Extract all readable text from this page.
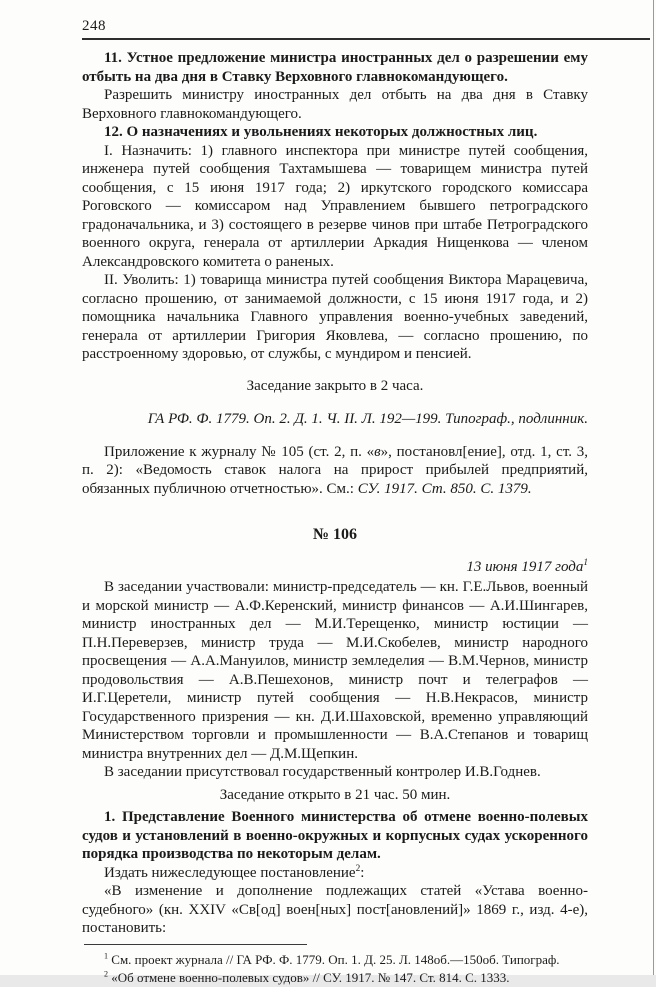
248

11. Устное предложение министра иностранных дел о разрешении ему отбыть на два дня в Ставку Верховного главнокомандующего.

Разрешить министру иностранных дел отбыть на два дня в Ставку Верховного главнокомандующего.

12. О назначениях и увольнениях некоторых должностных лиц.

I. Назначить: 1) главного инспектора при министре путей сообщения, инженера путей сообщения Тахтамышева — товарищем министра путей сообщения, с 15 июня 1917 года; 2) иркутского городского комиссара Роговского — комиссаром над Управлением бывшего петроградского градоначальника, и 3) состоящего в резерве чинов при штабе Петроградского военного округа, генерала от артиллерии Аркадия Нищенкова — членом Александровского комитета о раненых.

II. Уволить: 1) товарища министра путей сообщения Виктора Марацевича, согласно прошению, от занимаемой должности, с 15 июня 1917 года, и 2) помощника начальника Главного управления военно-учебных заведений, генерала от артиллерии Григория Яковлева, — согласно прошению, по расстроенному здоровью, от службы, с мундиром и пенсией.

Заседание закрыто в 2 часа.

ГА РФ. Ф. 1779. Оп. 2. Д. 1. Ч. II. Л. 192—199. Типограф., подлинник.

Приложение к журналу № 105 (ст. 2, п. «в», постановл[ение], отд. 1, ст. 3, п. 2): «Ведомость ставок налога на прирост прибылей предприятий, обязанных публичною отчетностью». См.: СУ. 1917. Ст. 850. С. 1379.

№ 106

13 июня 1917 года$^1$

В заседании участвовали: министр-председатель — кн. Г.Е.Львов, военный и морской министр — А.Ф.Керенский, министр финансов — А.И.Шингарев, министр иностранных дел — М.И.Терещенко, министр юстиции — П.Н.Переверзев, министр труда — М.И.Скобелев, министр народного просвещения — А.А.Мануилов, министр земледелия — В.М.Чернов, министр продовольствия — А.В.Пешехонов, министр почт и телеграфов — И.Г.Церетели, министр путей сообщения — Н.В.Некрасов, министр Государственного призрения — кн. Д.И.Шаховской, временно управляющий Министерством торговли и промышленности — В.А.Степанов и товарищ министра внутренних дел — Д.М.Щепкин.

В заседании присутствовал государственный контролер И.В.Годнев.

Заседание открыто в 21 час. 50 мин.

1. Представление Военного министерства об отмене военно-полевых судов и установлений в военно-окружных и корпусных судах ускоренного порядка производства по некоторым делам.

Издать нижеследующее постановление$^2$:

«В изменение и дополнение подлежащих статей «Устава военно-судебного» (кн. XXIV «Св[од] воен[ных] пост[ановлений]» 1869 г., изд. 4-е), постановить:

$^1$ См. проект журнала // ГА РФ. Ф. 1779. Оп. 1. Д. 25. Л. 148об.—150об. Типограф.

$^2$ «Об отмене военно-полевых судов» // СУ. 1917. № 147. Ст. 814. С. 1333.
